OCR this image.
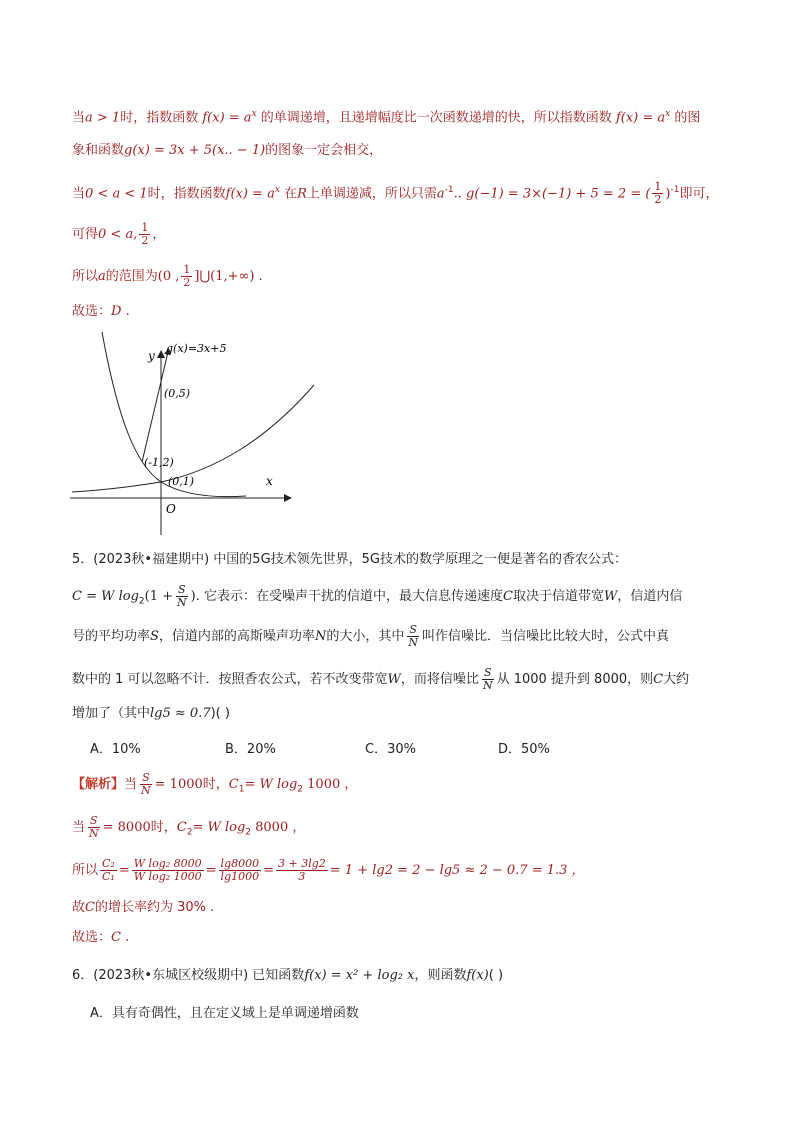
当a > 1时，指数函数 $f(x) = a^x$ 的单调递增，且递增幅度比一次函数递增的快，所以指数函数 $f(x) = a^x$ 的图
象和函数g(x) = 3x + 5(x.. − 1)的图象一定会相交，
当0 < a < 1时，指数函数$f(x) = a^x$ 在R上单调递减，所以只需$a^{-1}$.. g(−1) = 3×(−1) + 5 = 2 = ( $\frac{1}{2} )^{-1}$即可，
可得0 < a, $\frac{1}{2}$ ，
所以a的范围为(0 , $\frac{1}{2}$ ]⋃(1,+∞) .
故选：D .
y
x
O
g(x)=3x+5
(0,5)
(-1,2)
(0,1)
5．(2023秋•福建期中) 中国的5G技术领先世界，5G技术的数学原理之一便是著名的香农公式：
C = W $\log_2(1 + \frac{S}{N}$ ). 它表示：在受噪声干扰的信道中，最大信息传递速度C取决于信道带宽W，信道内信
号的平均功率S，信道内部的高斯噪声功率N的大小，其中 $\frac{S}{N}$ 叫作信噪比．当信噪比比较大时，公式中真
数中的 1 可以忽略不计．按照香农公式，若不改变带宽W，而将信噪比 $\frac{S}{N}$ 从 1000 提升到 8000，则C大约
增加了（其中lg5 ≈ 0.7)( )
A．10%	B．20%	C．30%	D．50%
【解析】当 $\frac{S}{N} = 1000$时，$C_1= W$ $\log_2 1000$ ，
当 $\frac{S}{N} = 8000$时，$C_2= W$ $\log_2 8000$ ，
所以 $\frac{\text{C₂}}{\text{C₁}} = \frac{\text{W log₂ 8000}}{\text{W log₂ 1000}} = \frac{\lg 8000}{\lg 1000} = \frac{3 + 3\lg 2}{3} = 1 + \lg 2 = 2 - \lg 5 \approx 2 - 0.7 = 1.3$ ，
故C的增长率约为 30% .
故选：C .
6．(2023秋•东城区校级期中) 已知函数f(x) = x² + log₂ x，则函数f(x)( )
A．具有奇偶性，且在定义域上是单调递增函数
